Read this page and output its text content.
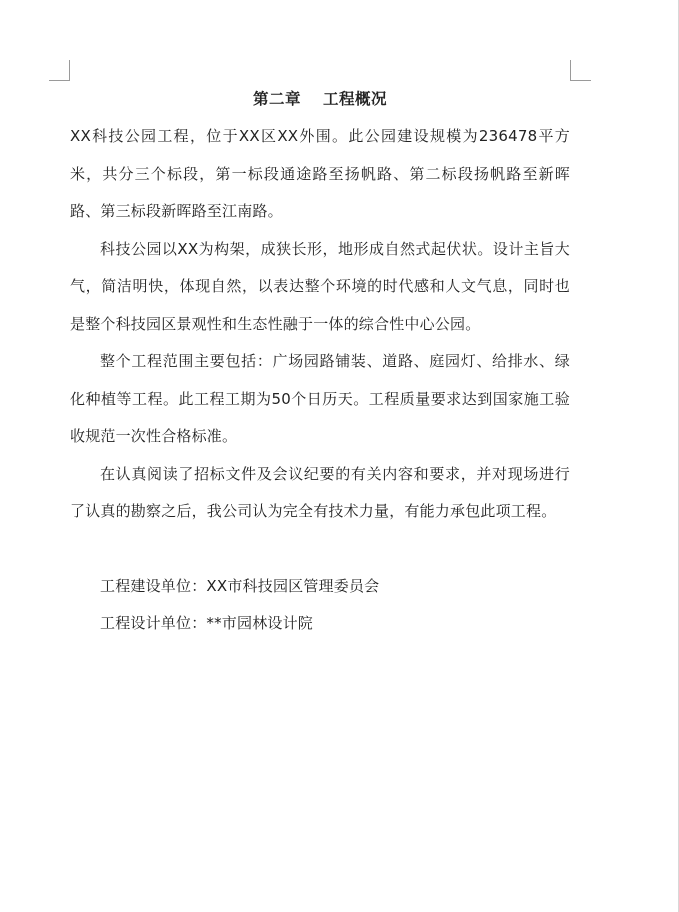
第二章　 工程概况

XX科技公园工程，位于XX区XX外围。此公园建设规模为236478平方米，共分三个标段，第一标段通途路至扬帆路、第二标段扬帆路至新晖路、第三标段新晖路至江南路。

科技公园以XX为构架，成狭长形，地形成自然式起伏状。设计主旨大气，简洁明快，体现自然，以表达整个环境的时代感和人文气息，同时也是整个科技园区景观性和生态性融于一体的综合性中心公园。

整个工程范围主要包括：广场园路铺装、道路、庭园灯、给排水、绿化种植等工程。此工程工期为50个日历天。工程质量要求达到国家施工验收规范一次性合格标准。

在认真阅读了招标文件及会议纪要的有关内容和要求，并对现场进行了认真的勘察之后，我公司认为完全有技术力量，有能力承包此项工程。

工程建设单位：XX市科技园区管理委员会

工程设计单位：**市园林设计院
